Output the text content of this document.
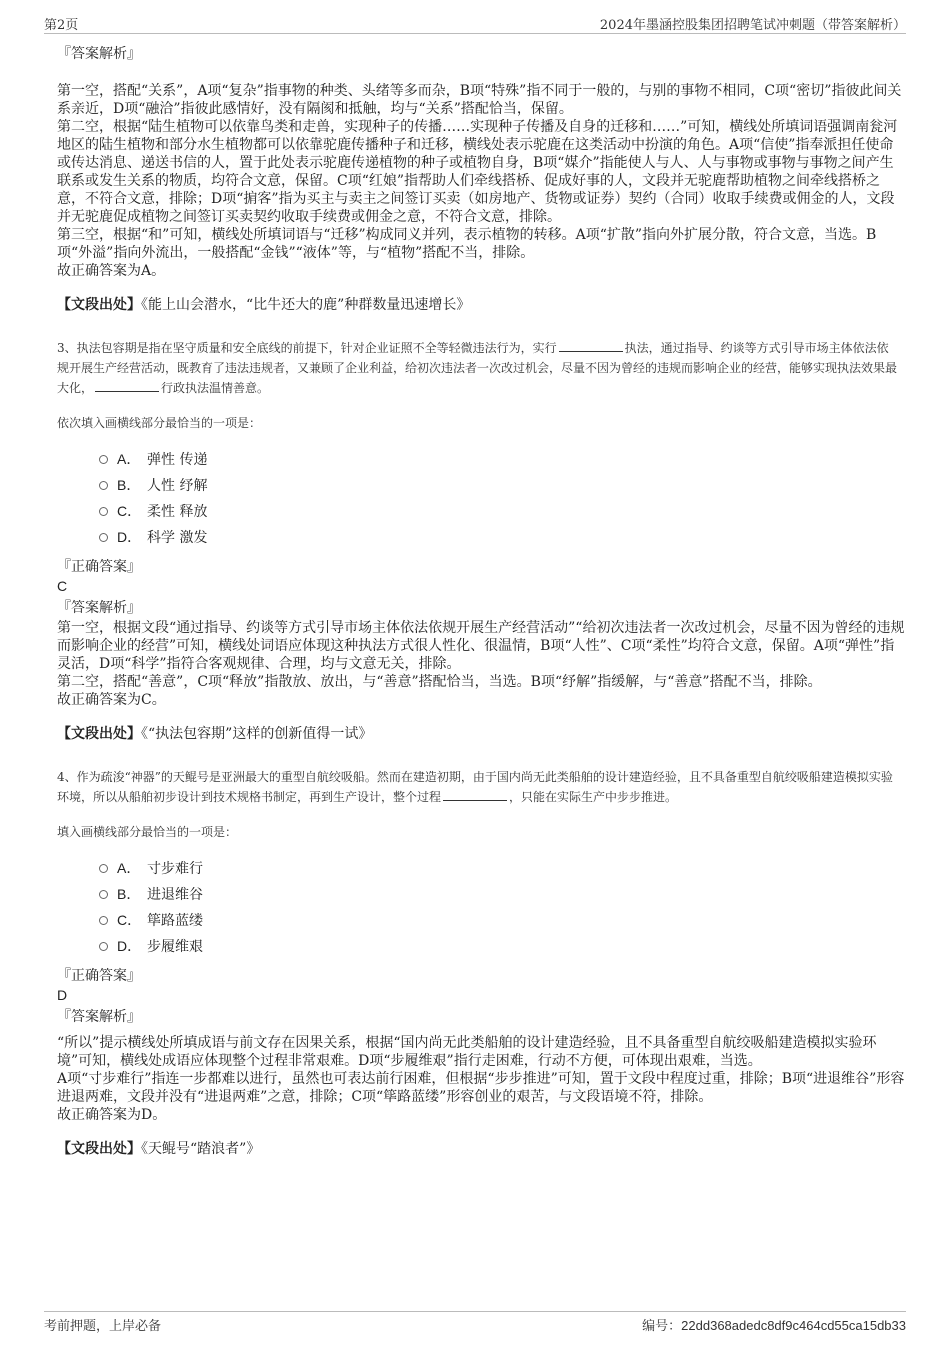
第2页	2024年墨涵控股集团招聘笔试冲刺题（带答案解析）
『答案解析』

第一空，搭配“关系”，A项“复杂”指事物的种类、头绪等多而杂，B项“特殊”指不同于一般的，与别的事物不相同，C项“密切”指彼此间关系亲近，D项“融洽”指彼此感情好，没有隔阂和抵触，均与“关系”搭配恰当，保留。

第二空，根据“陆生植物可以依靠鸟类和走兽，实现种子的传播……实现种子传播及自身的迁移和……”可知，横线处所填词语强调南瓮河地区的陆生植物和部分水生植物都可以依靠驼鹿传播种子和迁移，横线处表示驼鹿在这类活动中扮演的角色。A项“信使”指奉派担任使命或传达消息、递送书信的人，置于此处表示驼鹿传递植物的种子或植物自身，B项“媒介”指能使人与人、人与事物或事物与事物之间产生联系或发生关系的物质，均符合文意，保留。C项“红娘”指帮助人们牵线搭桥、促成好事的人，文段并无驼鹿帮助植物之间牵线搭桥之意，不符合文意，排除；D项“掮客”指为买主与卖主之间签订买卖（如房地产、货物或证券）契约（合同）收取手续费或佣金的人，文段并无驼鹿促成植物之间签订买卖契约收取手续费或佣金之意，不符合文意，排除。

第三空，根据“和”可知，横线处所填词语与“迁移”构成同义并列，表示植物的转移。A项“扩散”指向外扩展分散，符合文意，当选。B项“外溢”指向外流出，一般搭配“金钱”“液体”等，与“植物”搭配不当，排除。

故正确答案为A。

【文段出处】《能上山会潜水，“比牛还大的鹿”种群数量迅速增长》
3、执法包容期是指在坚守质量和安全底线的前提下，针对企业证照不全等轻微违法行为，实行	执法，通过指导、约谈等方式引导市场主体依法依规开展生产经营活动，既教育了违法违规者，又兼顾了企业利益，给初次违法者一次改过机会，尽量不因为曾经的违规而影响企业的经营，能够实现执法效果最大化，	行政执法温情善意。
依次填入画横线部分最恰当的一项是：
A． 弹性 传递
B． 人性 纾解
C． 柔性 释放
D． 科学 激发
『正确答案』
C
『答案解析』

第一空，根据文段“通过指导、约谈等方式引导市场主体依法依规开展生产经营活动”“给初次违法者一次改过机会，尽量不因为曾经的违规而影响企业的经营”可知，横线处词语应体现这种执法方式很人性化、很温情，B项“人性”、C项“柔性”均符合文意，保留。A项“弹性”指灵活，D项“科学”指符合客观规律、合理，均与文意无关，排除。

第二空，搭配“善意”，C项“释放”指散放、放出，与“善意”搭配恰当，当选。B项“纾解”指缓解，与“善意”搭配不当，排除。

故正确答案为C。

【文段出处】《“执法包容期”这样的创新值得一试》
4、作为疏浚“神器”的天鲲号是亚洲最大的重型自航绞吸船。然而在建造初期，由于国内尚无此类船舶的设计建造经验，且不具备重型自航绞吸船建造模拟实验环境，所以从船舶初步设计到技术规格书制定，再到生产设计，整个过程	，只能在实际生产中步步推进。
填入画横线部分最恰当的一项是：
A． 寸步难行
B． 进退维谷
C． 筚路蓝缕
D． 步履维艰
『正确答案』
D
『答案解析』

“所以”提示横线处所填成语与前文存在因果关系，根据“国内尚无此类船舶的设计建造经验，且不具备重型自航绞吸船建造模拟实验环境”可知，横线处成语应体现整个过程非常艰难。D项“步履维艰”指行走困难，行动不方便，可体现出艰难，当选。

A项“寸步难行”指连一步都难以进行，虽然也可表达前行困难，但根据“步步推进”可知，置于文段中程度过重，排除；B项“进退维谷”形容进退两难，文段并没有“进退两难”之意，排除；C项“筚路蓝缕”形容创业的艰苦，与文段语境不符，排除。

故正确答案为D。

【文段出处】《天鲲号“踏浪者”》
考前押题，上岸必备	编号：22dd368adedc8df9c464cd55ca15db33
